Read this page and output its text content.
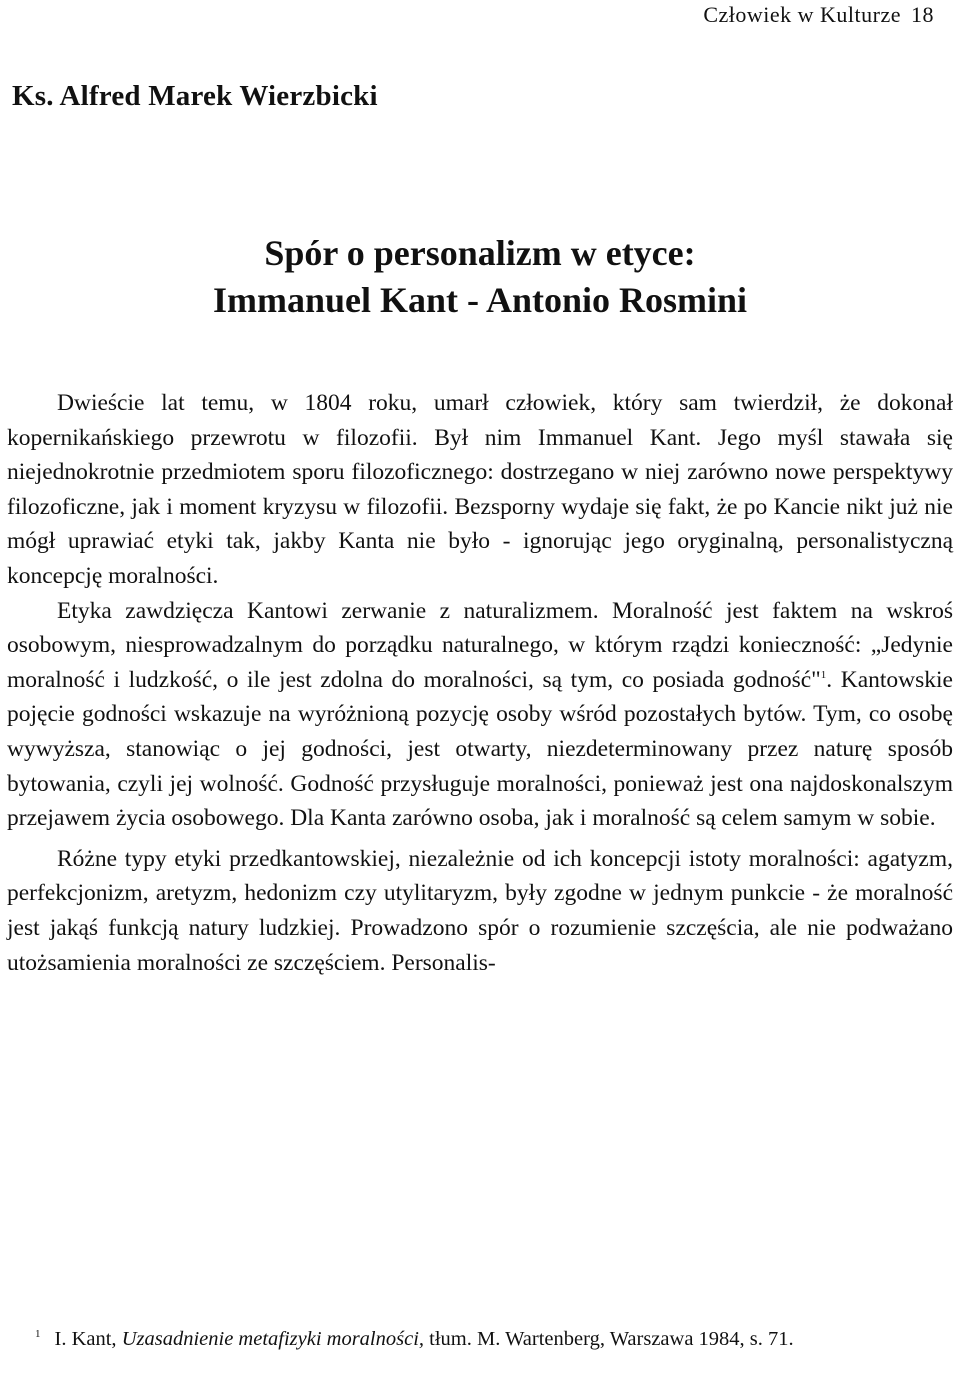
Człowiek w Kulturze 18
Ks. Alfred Marek Wierzbicki
Spór o personalizm w etyce:
Immanuel Kant - Antonio Rosmini

Dwieście lat temu, w 1804 roku, umarł człowiek, który sam twierdził, że dokonał kopernikańskiego przewrotu w filozofii. Był nim Immanuel Kant. Jego myśl stawała się niejednokrotnie przedmiotem sporu filozoficznego: dostrzegano w niej zarówno nowe perspektywy filozoficzne, jak i moment kryzysu w filozofii. Bezsporny wydaje się fakt, że po Kancie nikt już nie mógł uprawiać etyki tak, jakby Kanta nie było - ignorując jego oryginalną, personalistyczną koncepcję moralności.

Etyka zawdzięcza Kantowi zerwanie z naturalizmem. Moralność jest faktem na wskroś osobowym, niesprowadzalnym do porządku naturalnego, w którym rządzi konieczność: „Jedynie moralność i ludzkość, o ile jest zdolna do moralności, są tym, co posiada godność"$^1$. Kantowskie pojęcie godności wskazuje na wyróżnioną pozycję osoby wśród pozostałych bytów. Tym, co osobę wywyższa, stanowiąc o jej godności, jest otwarty, niezdeterminowany przez naturę sposób bytowania, czyli jej wolność. Godność przysługuje moralności, ponieważ jest ona najdoskonalszym przejawem życia osobowego. Dla Kanta zarówno osoba, jak i moralność są celem samym w sobie.

Różne typy etyki przedkantowskiej, niezależnie od ich koncepcji istoty moralności: agatyzm, perfekcjonizm, aretyzm, hedonizm czy utylitaryzm, były zgodne w jednym punkcie - że moralność jest jakąś funkcją natury ludzkiej. Prowadzono spór o rozumienie szczęścia, ale nie podważano utożsamienia moralności ze szczęściem. Personalis-

$^1$ I. Kant, Uzasadnienie metafizyki moralności, tłum. M. Wartenberg, Warszawa 1984, s. 71.
